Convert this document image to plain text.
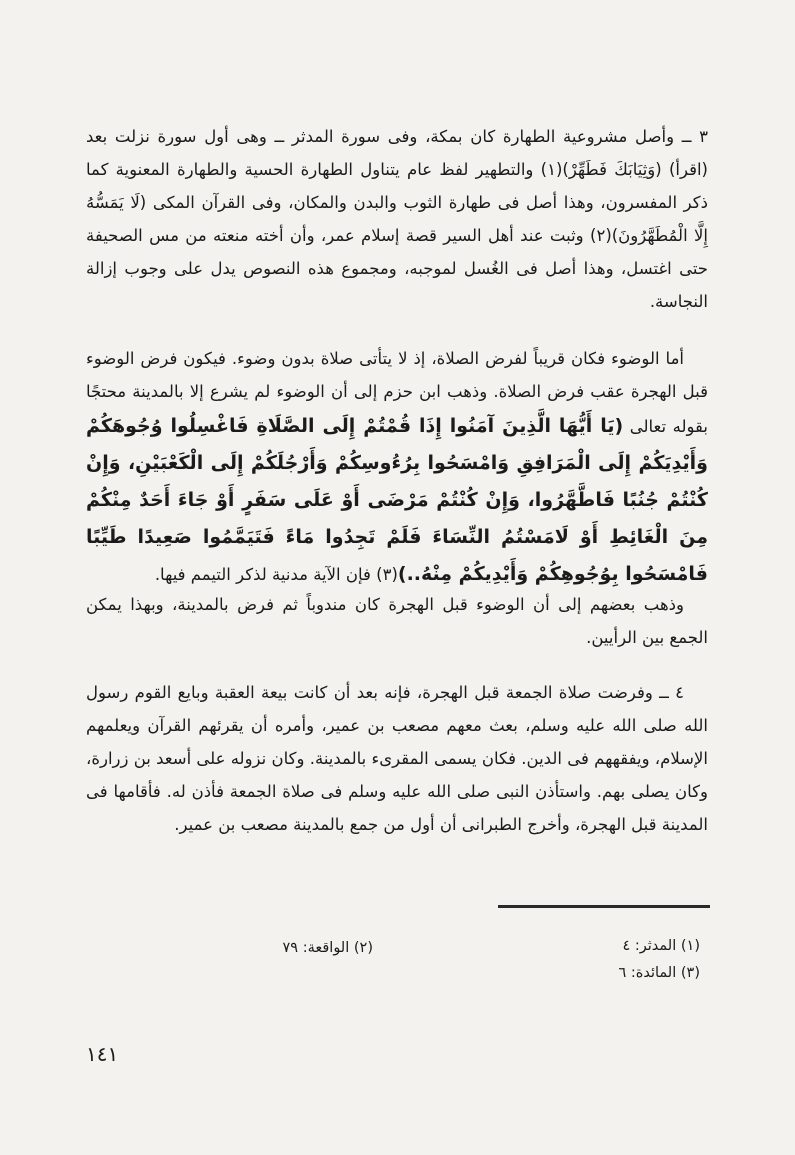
٣ ــ وأصل مشروعية الطهارة كان بمكة، وفى سورة المدثر ــ وهى أول سورة نزلت بعد (اقرأ) (وَثِيَابَكَ فَطَهِّرْ)(١) والتطهير لفظ عام يتناول الطهارة الحسية والطهارة المعنوية كما ذكر المفسرون، وهذا أصل فى طهارة الثوب والبدن والمكان، وفى القرآن المكى (لَا يَمَسُّهُ إِلَّا الْمُطَهَّرُونَ)(٢) وثبت عند أهل السير قصة إسلام عمر، وأن أخته منعته من مس الصحيفة حتى اغتسل، وهذا أصل فى الغُسل لموجبه، ومجموع هذه النصوص يدل على وجوب إزالة النجاسة.

أما الوضوء فكان قريباً لفرض الصلاة، إذ لا يتأتى صلاة بدون وضوء. فيكون فرض الوضوء قبل الهجرة عقب فرض الصلاة. وذهب ابن حزم إلى أن الوضوء لم يشرع إلا بالمدينة محتجًا بقوله تعالى (يَا أَيُّهَا الَّذِينَ آمَنُوا إِذَا قُمْتُمْ إِلَى الصَّلَاةِ فَاغْسِلُوا وُجُوهَكُمْ وَأَيْدِيَكُمْ إِلَى الْمَرَافِقِ وَامْسَحُوا بِرُءُوسِكُمْ وَأَرْجُلَكُمْ إِلَى الْكَعْبَيْنِ، وَإِنْ كُنْتُمْ جُنُبًا فَاطَّهَّرُوا، وَإِنْ كُنْتُمْ مَرْضَى أَوْ عَلَى سَفَرٍ أَوْ جَاءَ أَحَدٌ مِنْكُمْ مِنَ الْغَائِطِ أَوْ لَامَسْتُمُ النِّسَاءَ فَلَمْ تَجِدُوا مَاءً فَتَيَمَّمُوا صَعِيدًا طَيِّبًا فَامْسَحُوا بِوُجُوهِكُمْ وَأَيْدِيكُمْ مِنْهُ..)(٣) فإن الآية مدنية لذكر التيمم فيها.

وذهب بعضهم إلى أن الوضوء قبل الهجرة كان مندوباً ثم فرض بالمدينة، وبهذا يمكن الجمع بين الرأيين.

٤ ــ وفرضت صلاة الجمعة قبل الهجرة، فإنه بعد أن كانت بيعة العقبة وبايع القوم رسول الله صلى الله عليه وسلم، بعث معهم مصعب بن عمير، وأمره أن يقرئهم القرآن ويعلمهم الإسلام، ويفقههم فى الدين. فكان يسمى المقرىء بالمدينة. وكان نزوله على أسعد بن زرارة، وكان يصلى بهم. واستأذن النبى صلى الله عليه وسلم فى صلاة الجمعة فأذن له. فأقامها فى المدينة قبل الهجرة، وأخرج الطبرانى أن أول من جمع بالمدينة مصعب بن عمير.

(١) المدثر: ٤
(٢) الواقعة: ٧٩
(٣) المائدة: ٦
١٤١
